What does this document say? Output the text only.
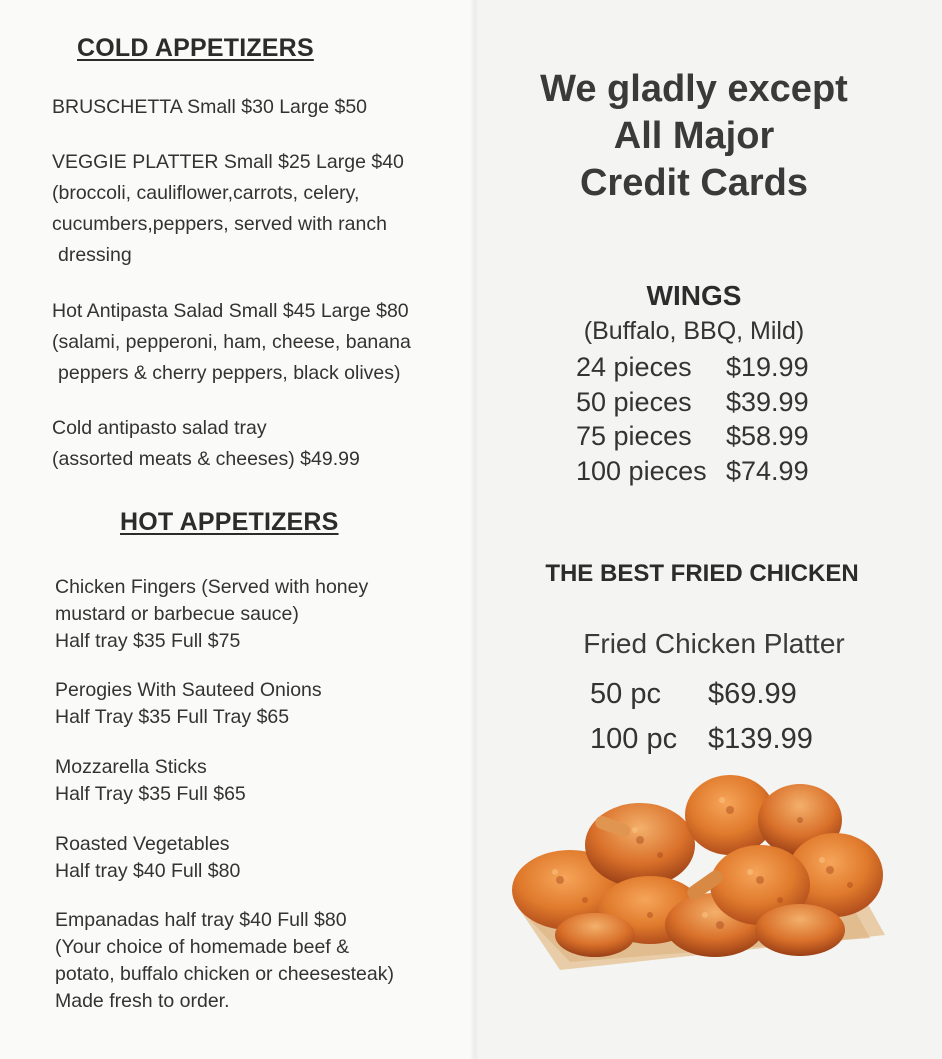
COLD APPETIZERS
BRUSCHETTA Small $30 Large $50
VEGGIE PLATTER Small $25 Large $40
(broccoli, cauliflower,carrots, celery,
cucumbers,peppers, served with ranch
dressing
Hot Antipasta Salad Small $45 Large $80
(salami, pepperoni, ham, cheese, banana
peppers & cherry peppers, black olives)
Cold antipasto salad tray
(assorted meats & cheeses) $49.99
HOT APPETIZERS
Chicken Fingers (Served with honey
mustard or barbecue sauce)
Half tray $35 Full $75
Perogies With Sauteed Onions
Half Tray $35 Full Tray $65
Mozzarella Sticks
Half Tray $35 Full $65
Roasted Vegetables
Half tray $40 Full $80
Empanadas half tray $40 Full $80
(Your choice of homemade beef &
potato, buffalo chicken or cheesesteak)
Made fresh to order.
We gladly except
All Major
Credit Cards
WINGS
(Buffalo, BBQ, Mild)
24 pieces	$19.99
50 pieces	$39.99
75 pieces	$58.99
100 pieces $74.99
THE BEST FRIED CHICKEN
Fried Chicken Platter
50 pc	$69.99
100 pc	$139.99
